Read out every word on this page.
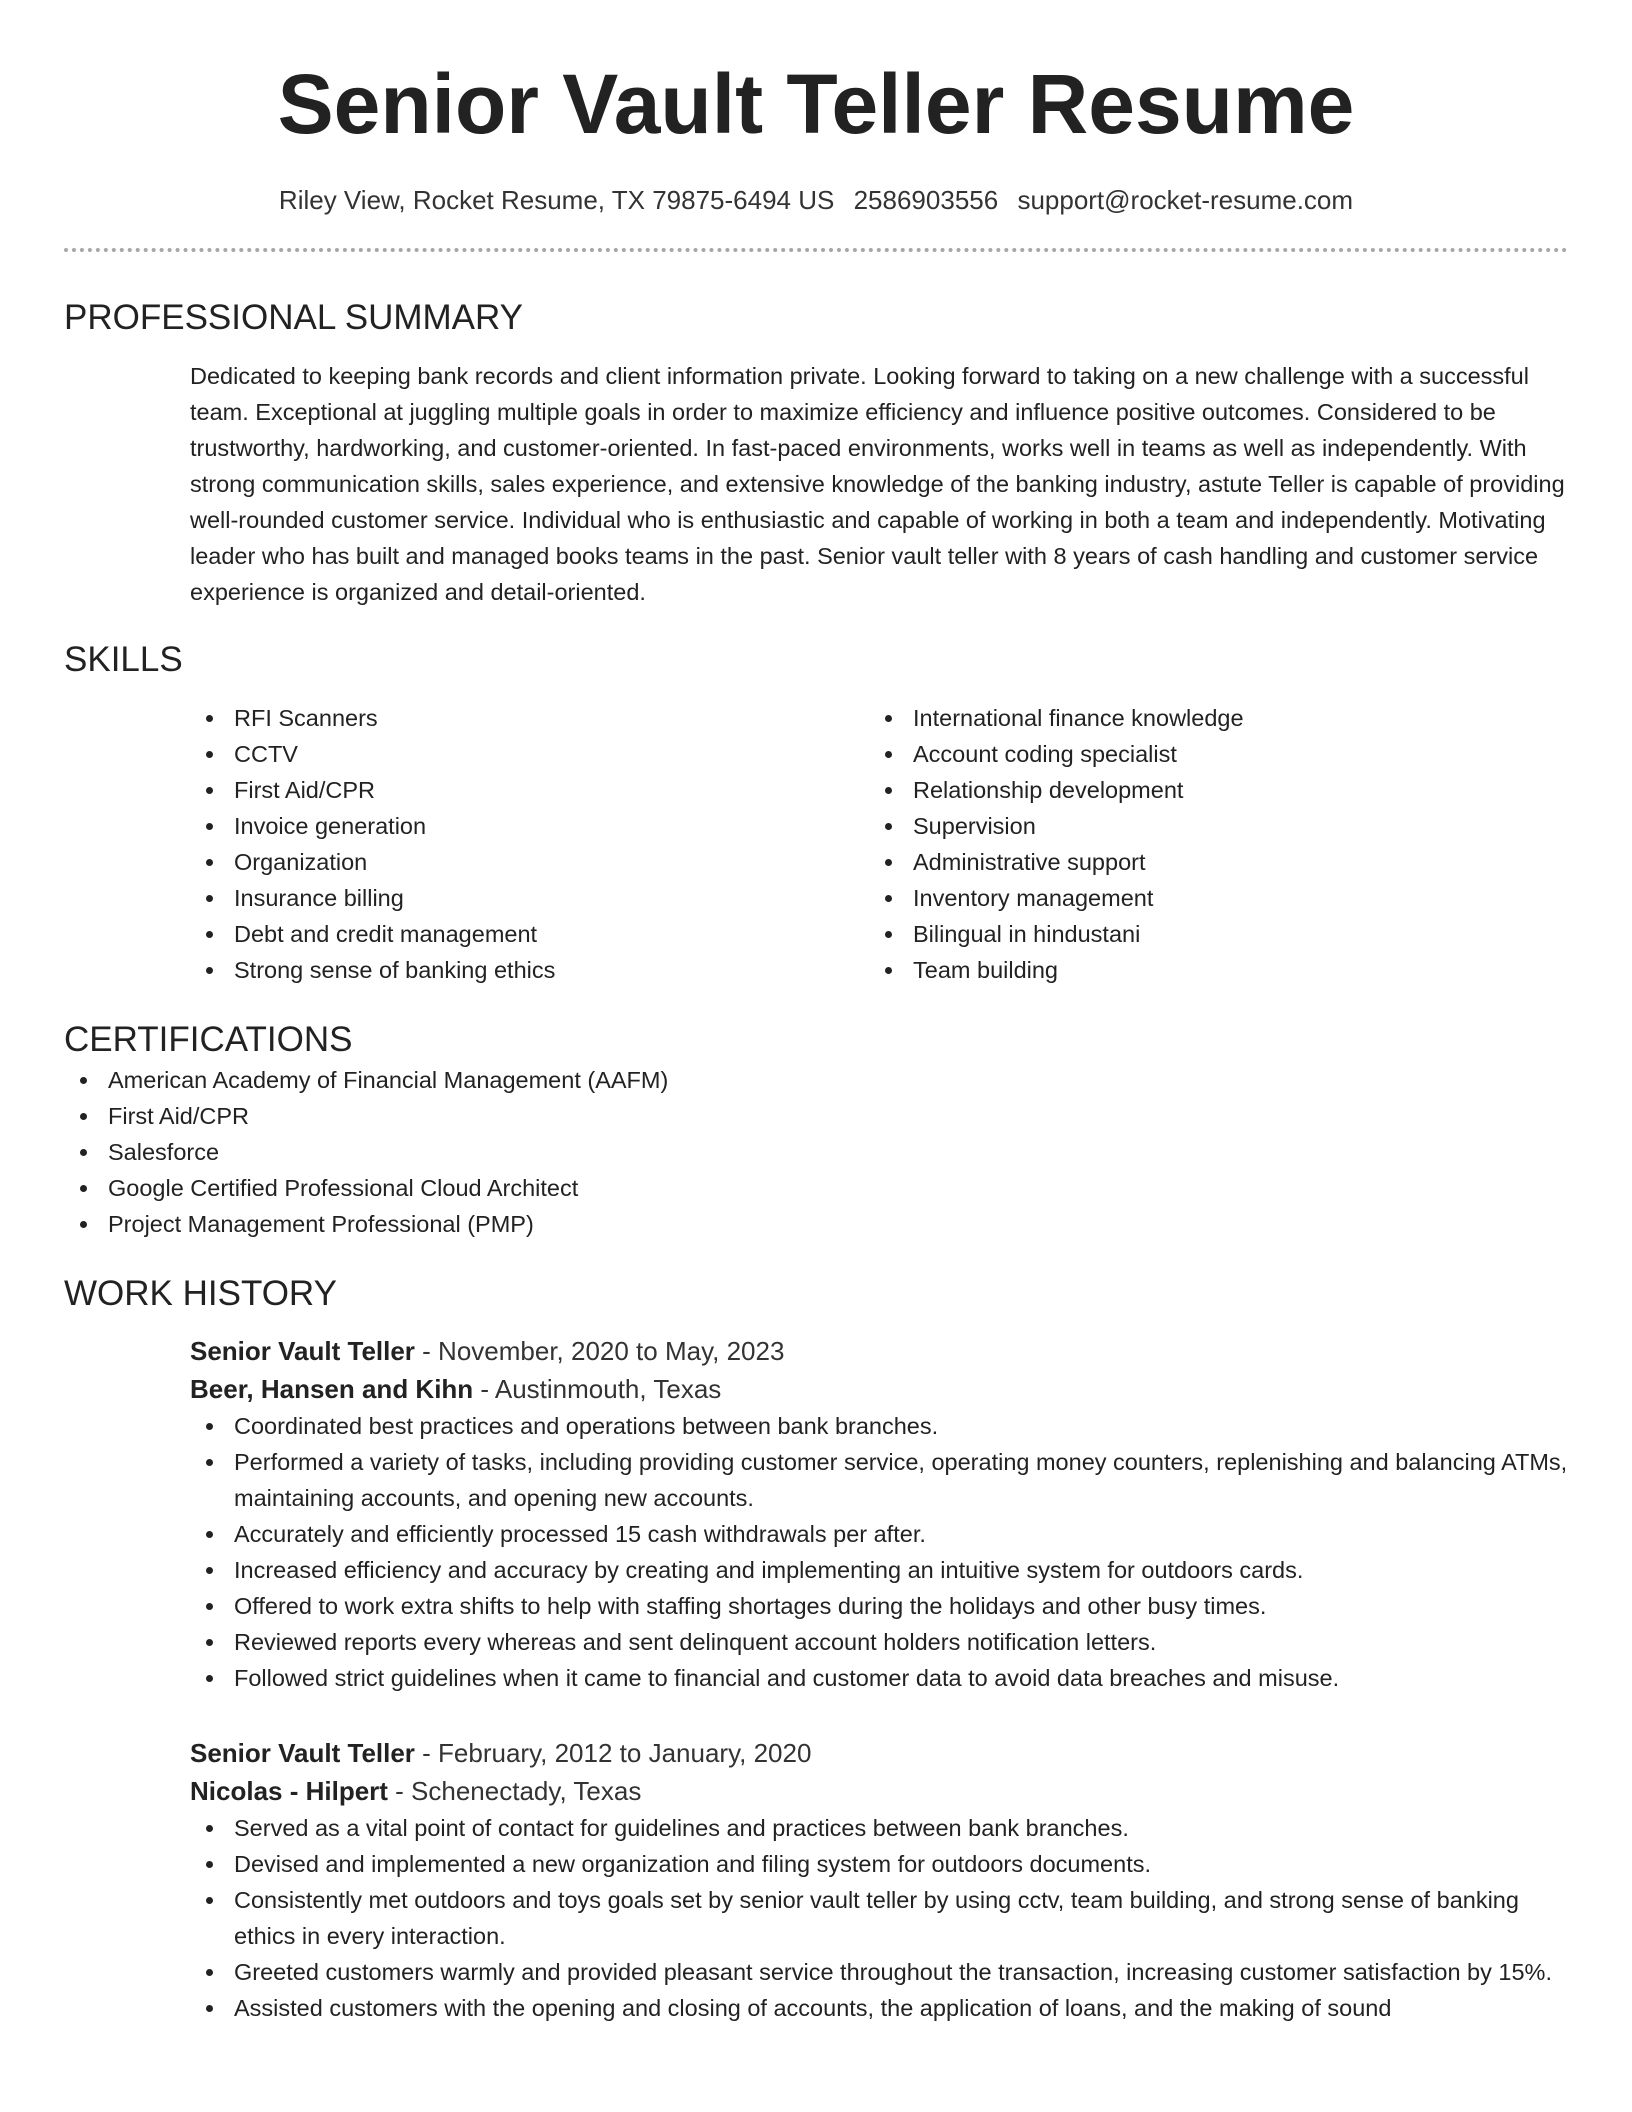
Senior Vault Teller Resume
Riley View, Rocket Resume, TX 79875-6494 US 2586903556 support@rocket-resume.com
PROFESSIONAL SUMMARY

Dedicated to keeping bank records and client information private. Looking forward to taking on a new challenge with a successful team. Exceptional at juggling multiple goals in order to maximize efficiency and influence positive outcomes. Considered to be trustworthy, hardworking, and customer-oriented. In fast-paced environments, works well in teams as well as independently. With strong communication skills, sales experience, and extensive knowledge of the banking industry, astute Teller is capable of providing well-rounded customer service. Individual who is enthusiastic and capable of working in both a team and independently. Motivating leader who has built and managed books teams in the past. Senior vault teller with 8 years of cash handling and customer service experience is organized and detail-oriented.

SKILLS
RFI Scanners
CCTV
First Aid/CPR
Invoice generation
Organization
Insurance billing
Debt and credit management
Strong sense of banking ethics
International finance knowledge
Account coding specialist
Relationship development
Supervision
Administrative support
Inventory management
Bilingual in hindustani
Team building
CERTIFICATIONS
American Academy of Financial Management (AAFM)
First Aid/CPR
Salesforce
Google Certified Professional Cloud Architect
Project Management Professional (PMP)
WORK HISTORY
Senior Vault Teller - November, 2020 to May, 2023
Beer, Hansen and Kihn - Austinmouth, Texas
Coordinated best practices and operations between bank branches.
Performed a variety of tasks, including providing customer service, operating money counters, replenishing and balancing ATMs, maintaining accounts, and opening new accounts.
Accurately and efficiently processed 15 cash withdrawals per after.
Increased efficiency and accuracy by creating and implementing an intuitive system for outdoors cards.
Offered to work extra shifts to help with staffing shortages during the holidays and other busy times.
Reviewed reports every whereas and sent delinquent account holders notification letters.
Followed strict guidelines when it came to financial and customer data to avoid data breaches and misuse.
Senior Vault Teller - February, 2012 to January, 2020
Nicolas - Hilpert - Schenectady, Texas
Served as a vital point of contact for guidelines and practices between bank branches.
Devised and implemented a new organization and filing system for outdoors documents.
Consistently met outdoors and toys goals set by senior vault teller by using cctv, team building, and strong sense of banking ethics in every interaction.
Greeted customers warmly and provided pleasant service throughout the transaction, increasing customer satisfaction by 15%.
Assisted customers with the opening and closing of accounts, the application of loans, and the making of sound
